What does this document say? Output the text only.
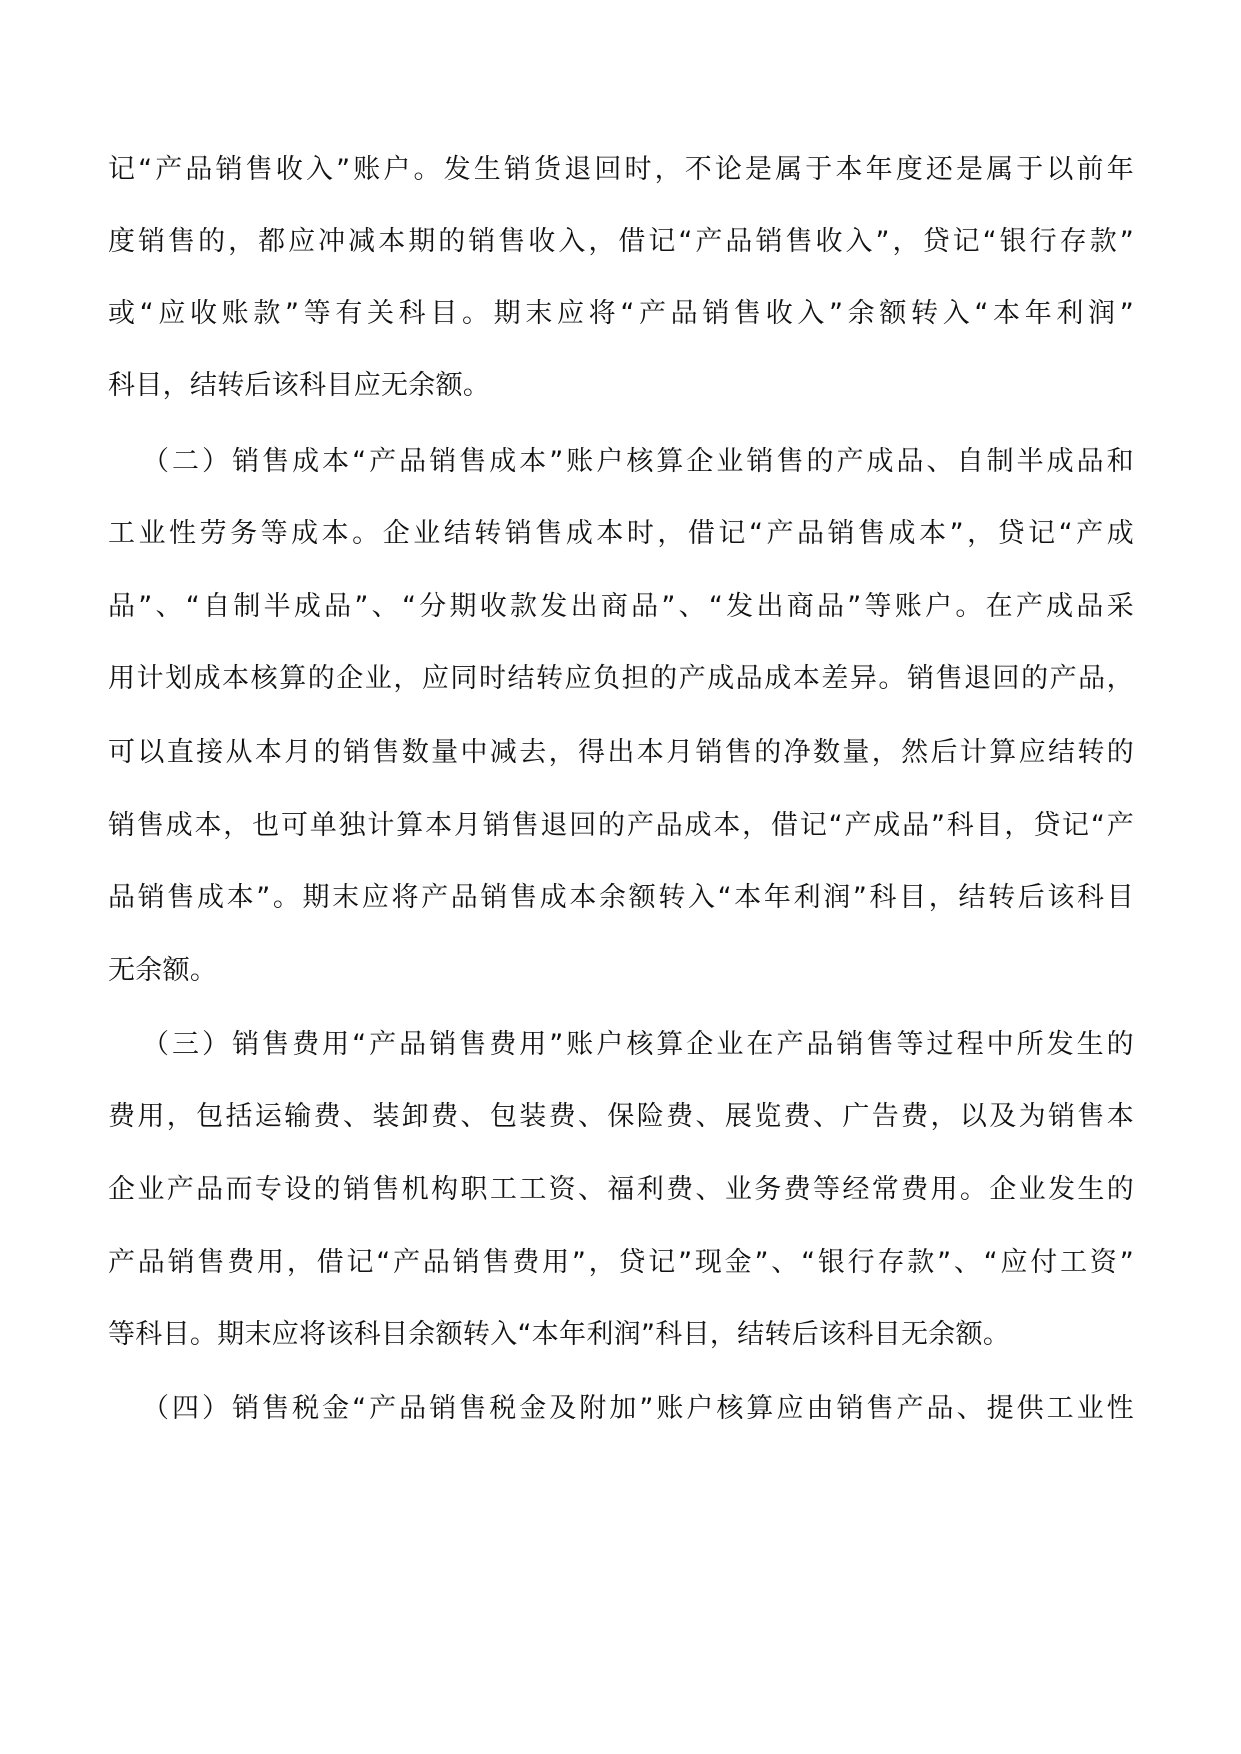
记“产品销售收入”账户。发生销货退回时，不论是属于本年度还是属于以前年
度销售的，都应冲减本期的销售收入，借记“产品销售收入”，贷记“银行存款”
或“应收账款”等有关科目。期末应将“产品销售收入”余额转入“本年利润”
科目，结转后该科目应无余额。
（二）销售成本“产品销售成本”账户核算企业销售的产成品、自制半成品和
工业性劳务等成本。企业结转销售成本时，借记“产品销售成本”，贷记“产成
品”、“自制半成品”、“分期收款发出商品”、“发出商品”等账户。在产成品采
用计划成本核算的企业，应同时结转应负担的产成品成本差异。销售退回的产品，
可以直接从本月的销售数量中减去，得出本月销售的净数量，然后计算应结转的
销售成本，也可单独计算本月销售退回的产品成本，借记“产成品”科目，贷记“产
品销售成本”。期末应将产品销售成本余额转入“本年利润”科目，结转后该科目
无余额。
（三）销售费用“产品销售费用”账户核算企业在产品销售等过程中所发生的
费用，包括运输费、装卸费、包装费、保险费、展览费、广告费，以及为销售本
企业产品而专设的销售机构职工工资、福利费、业务费等经常费用。企业发生的
产品销售费用，借记“产品销售费用”，贷记”现金”、“银行存款”、“应付工资”
等科目。期末应将该科目余额转入“本年利润”科目，结转后该科目无余额。
（四）销售税金“产品销售税金及附加”账户核算应由销售产品、提供工业性
